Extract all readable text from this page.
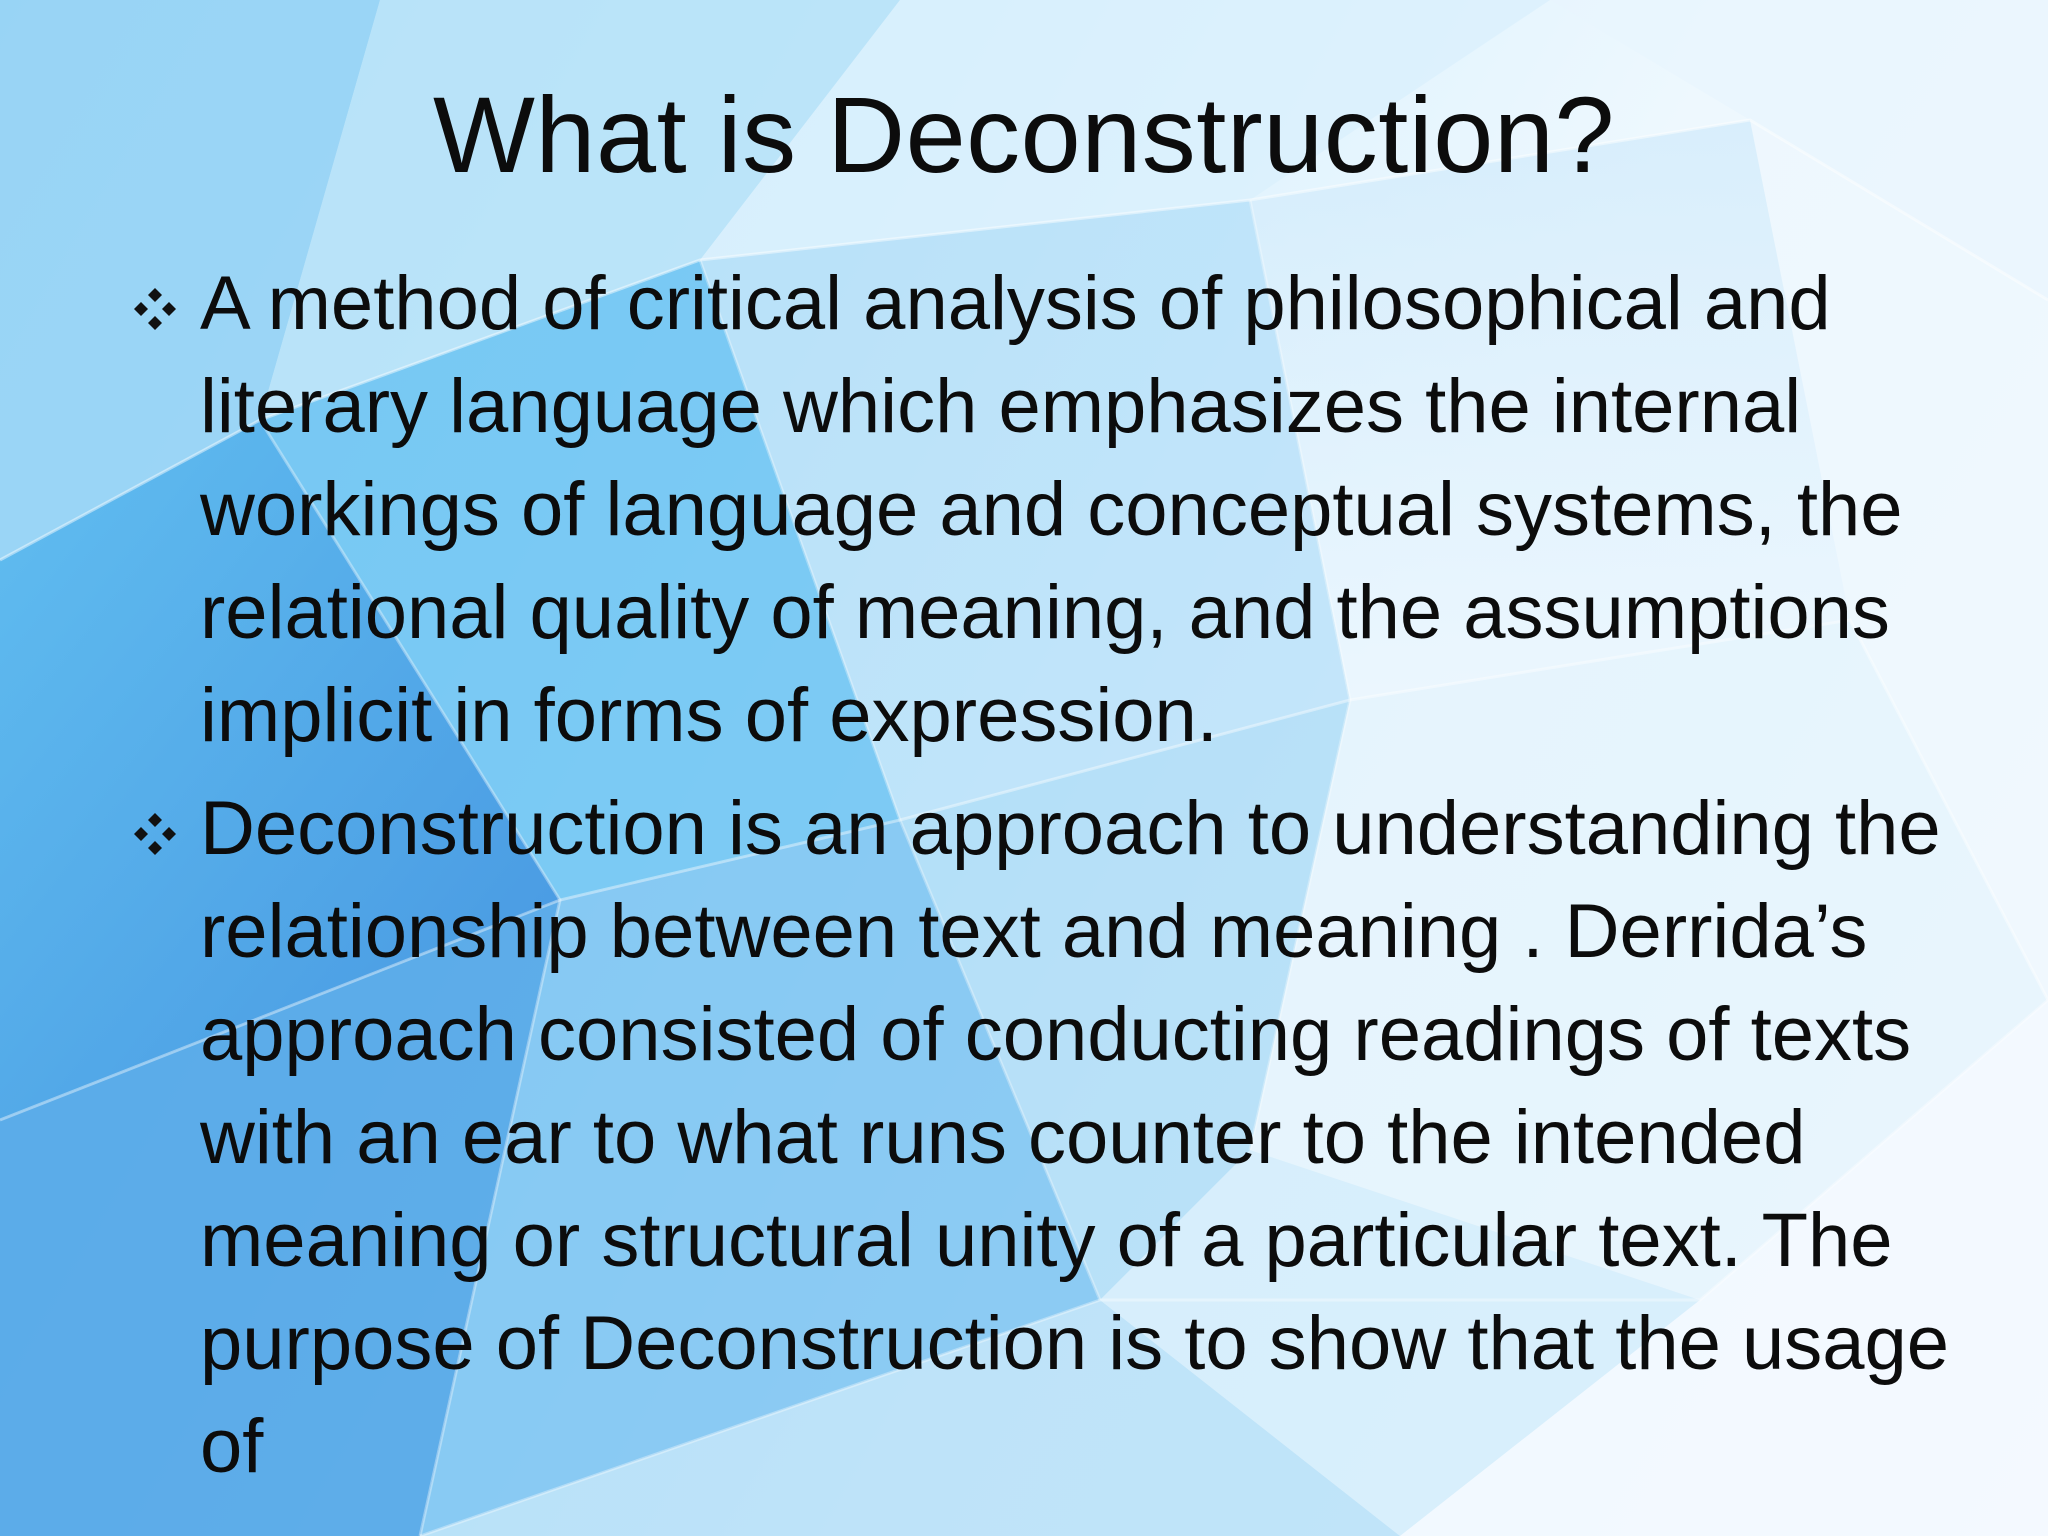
What is Deconstruction?
A method of critical analysis of philosophical and literary language which emphasizes the internal workings of language and conceptual systems, the relational quality of meaning, and the assumptions implicit in forms of expression.
Deconstruction is an approach to understanding the relationship between text and meaning . Derrida’s approach consisted of conducting readings of texts with an ear to what runs counter to the intended meaning or structural unity of a particular text. The purpose of Deconstruction is to show that the usage of
